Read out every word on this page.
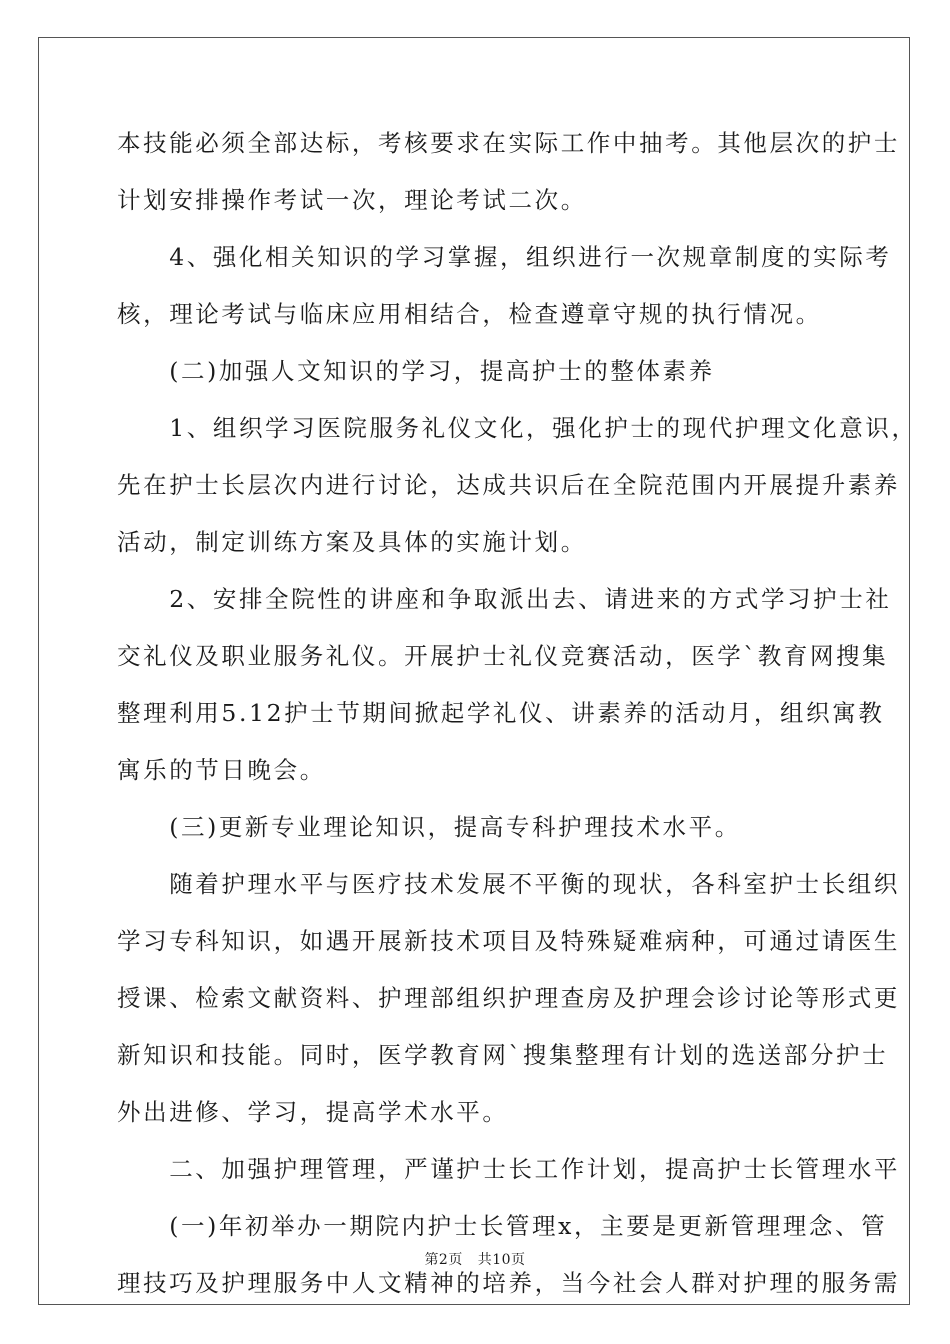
本技能必须全部达标，考核要求在实际工作中抽考。其他层次的护士
计划安排操作考试一次，理论考试二次。
　　4、强化相关知识的学习掌握，组织进行一次规章制度的实际考
核，理论考试与临床应用相结合，检查遵章守规的执行情况。
　　(二)加强人文知识的学习，提高护士的整体素养
　　1、组织学习医院服务礼仪文化，强化护士的现代护理文化意识，
先在护士长层次内进行讨论，达成共识后在全院范围内开展提升素养
活动，制定训练方案及具体的实施计划。
　　2、安排全院性的讲座和争取派出去、请进来的方式学习护士社
交礼仪及职业服务礼仪。开展护士礼仪竞赛活动，医学`教育网搜集
整理利用5.12护士节期间掀起学礼仪、讲素养的活动月，组织寓教
寓乐的节日晚会。
　　(三)更新专业理论知识，提高专科护理技术水平。
　　随着护理水平与医疗技术发展不平衡的现状，各科室护士长组织
学习专科知识，如遇开展新技术项目及特殊疑难病种，可通过请医生
授课、检索文献资料、护理部组织护理查房及护理会诊讨论等形式更
新知识和技能。同时，医学教育网`搜集整理有计划的选送部分护士
外出进修、学习，提高学术水平。
　　二、加强护理管理，严谨护士长工作计划，提高护士长管理水平
　　(一)年初举办一期院内护士长管理x，主要是更新管理理念、管
理技巧及护理服务中人文精神的培养，当今社会人群对护理的服务需
第2页 共10页
